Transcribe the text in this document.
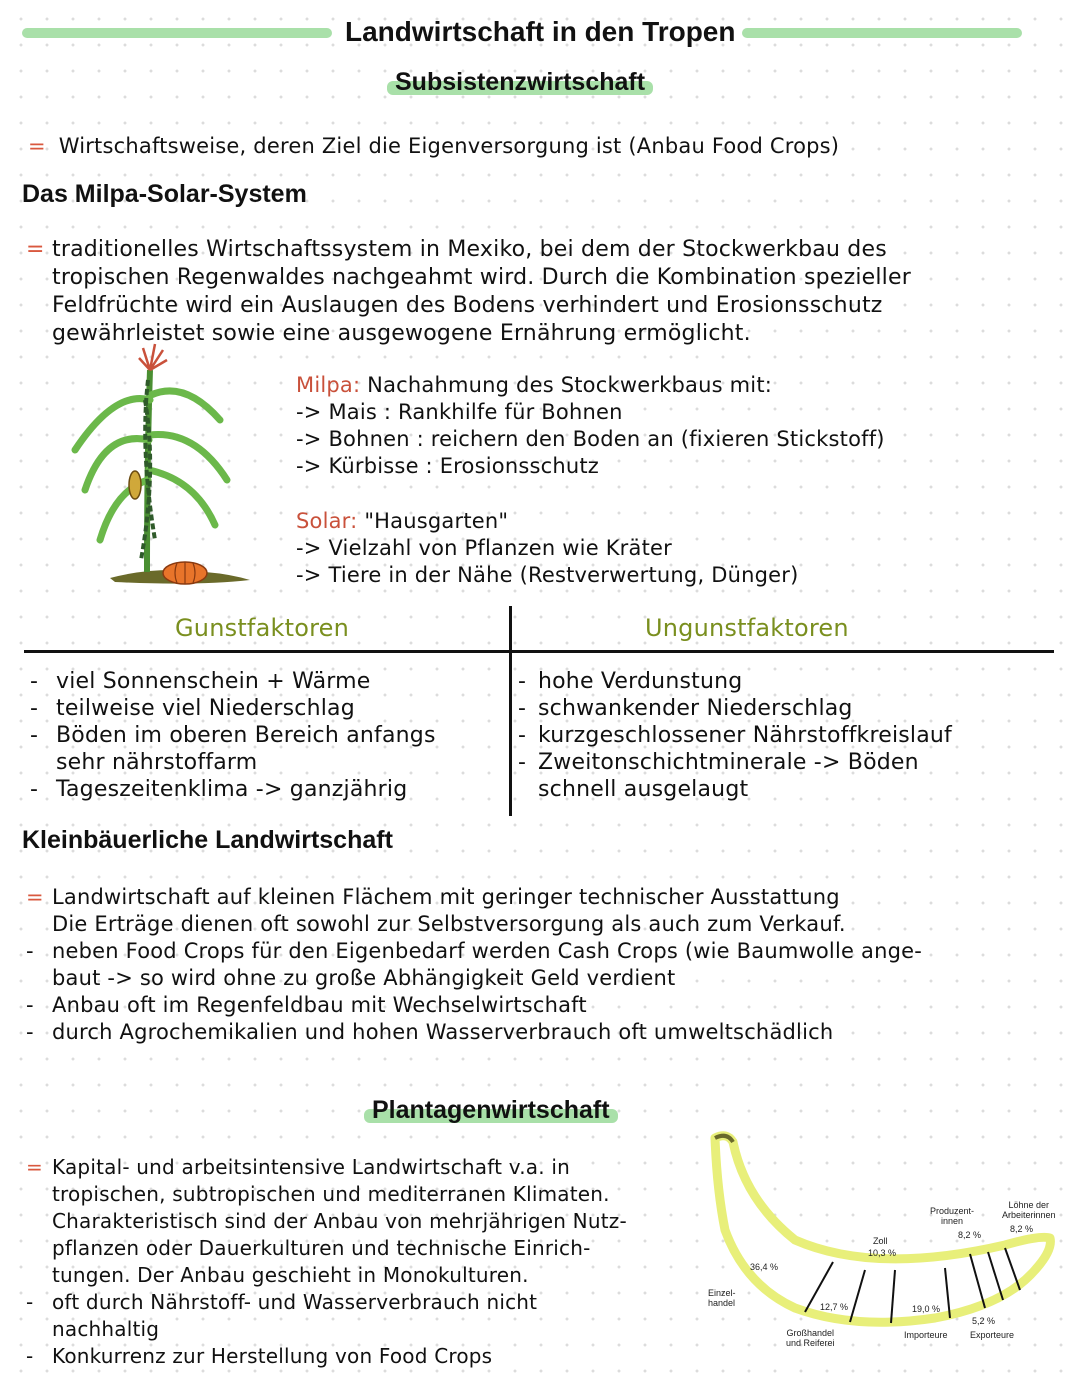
Landwirtschaft in den Tropen
Subsistenzwirtschaft
= Wirtschaftsweise, deren Ziel die Eigenversorgung ist (Anbau Food Crops)
Das Milpa-Solar-System
= traditionelles Wirtschaftssystem in Mexiko, bei dem der Stockwerkbau des
tropischen Regenwaldes nachgeahmt wird. Durch die Kombination spezieller
Feldfrüchte wird ein Auslaugen des Bodens verhindert und Erosionsschutz
gewährleistet sowie eine ausgewogene Ernährung ermöglicht.
Milpa: Nachahmung des Stockwerkbaus mit:
-> Mais : Rankhilfe für Bohnen
-> Bohnen : reichern den Boden an (fixieren Stickstoff)
-> Kürbisse : Erosionsschutz
Solar: "Hausgarten"
-> Vielzahl von Pflanzen wie Kräter
-> Tiere in der Nähe (Restverwertung, Dünger)
Gunstfaktoren	Ungunstfaktoren
- viel Sonnenschein + Wärme
- teilweise viel Niederschlag
- Böden im oberen Bereich anfangs
sehr nährstoffarm
- Tageszeitenklima -> ganzjährig
- hohe Verdunstung
- schwankender Niederschlag
- kurzgeschlossener Nährstoffkreislauf
- Zweitonschichtminerale -> Böden
schnell ausgelaugt
Kleinbäuerliche Landwirtschaft
= Landwirtschaft auf kleinen Flächem mit geringer technischer Ausstattung
Die Erträge dienen oft sowohl zur Selbstversorgung als auch zum Verkauf.
- neben Food Crops für den Eigenbedarf werden Cash Crops (wie Baumwolle ange-
baut -> so wird ohne zu große Abhängigkeit Geld verdient
- Anbau oft im Regenfeldbau mit Wechselwirtschaft
- durch Agrochemikalien und hohen Wasserverbrauch oft umweltschädlich
Plantagenwirtschaft
= Kapital- und arbeitsintensive Landwirtschaft v.a. in
tropischen, subtropischen und mediterranen Klimaten.
Charakteristisch sind der Anbau von mehrjährigen Nutz-
pflanzen oder Dauerkulturen und technische Einrich-
tungen. Der Anbau geschieht in Monokulturen.
- oft durch Nährstoff- und Wasserverbrauch nicht
nachhaltig
- Konkurrenz zur Herstellung von Food Crops
Einzel-
handel
36,4 %
12,7 %
Großhandel
und Reiferei
Zoll
10,3 %
19,0 %
Importeure
Produzent-
innen
8,2 %
5,2 %
Exporteure
Löhne der
Arbeiterinnen
8,2 %
